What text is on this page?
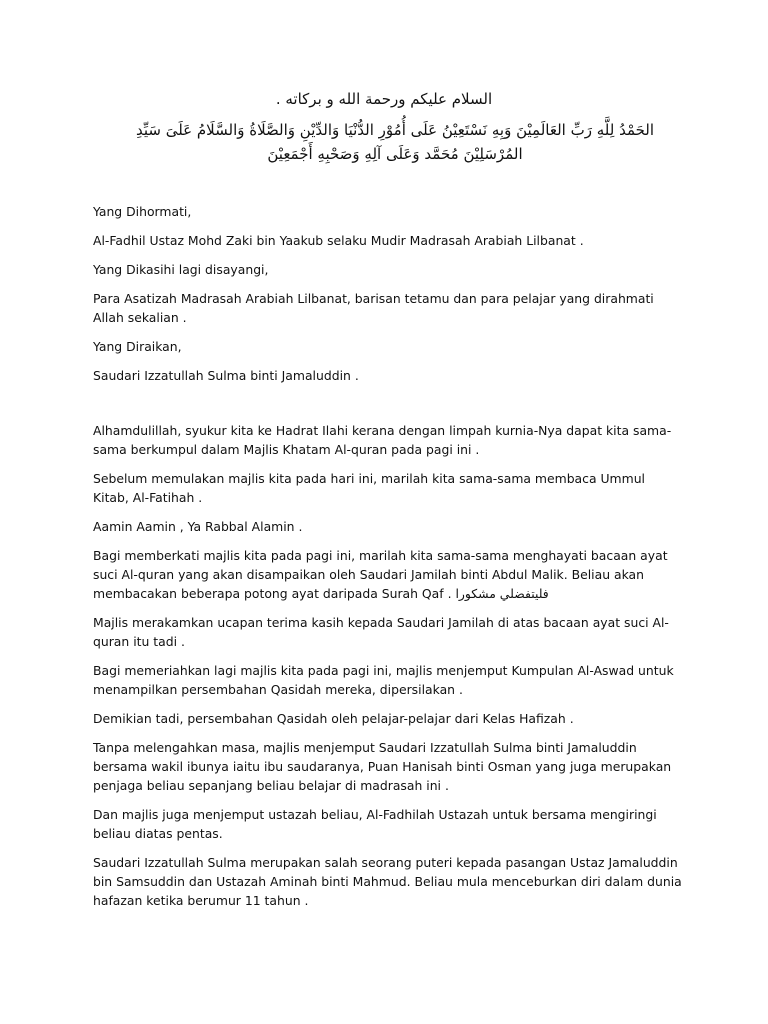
السلام عليكم ورحمة الله و بركاته .
الحَمْدُ لِلَّهِ رَبِّ العَالَمِيْنَ وَبِهِ نَسْتَعِيْنُ عَلَى أُمُوْرِ الدُّنْيَا وَالدِّيْنِ وَالصَّلَاةُ وَالسَّلَامُ عَلَىَ سَيِّدِ المُرْسَلِيْنَ مُحَمَّد وَعَلَى آلِهِ وَصَحْبِهِ أَجْمَعِيْنَ

Yang Dihormati,

Al-Fadhil Ustaz Mohd Zaki bin Yaakub selaku Mudir Madrasah Arabiah Lilbanat .

Yang Dikasihi lagi disayangi,

Para Asatizah Madrasah Arabiah Lilbanat, barisan tetamu dan para pelajar yang dirahmati Allah sekalian .

Yang Diraikan,

Saudari Izzatullah Sulma binti Jamaluddin .

Alhamdulillah, syukur kita ke Hadrat Ilahi kerana dengan limpah kurnia-Nya dapat kita sama-sama berkumpul dalam Majlis Khatam Al-quran pada pagi ini .

Sebelum memulakan majlis kita pada hari ini, marilah kita sama-sama membaca Ummul Kitab, Al-Fatihah .

Aamin Aamin , Ya Rabbal Alamin .

Bagi memberkati majlis kita pada pagi ini, marilah kita sama-sama menghayati bacaan ayat suci Al-quran yang akan disampaikan oleh Saudari Jamilah binti Abdul Malik. Beliau akan membacakan beberapa potong ayat daripada Surah Qaf . فليتفضلي مشكورا

Majlis merakamkan ucapan terima kasih kepada Saudari Jamilah di atas bacaan ayat suci Al-quran itu tadi .

Bagi memeriahkan lagi majlis kita pada pagi ini, majlis menjemput Kumpulan Al-Aswad untuk menampilkan persembahan Qasidah mereka, dipersilakan .

Demikian tadi, persembahan Qasidah oleh pelajar-pelajar dari Kelas Hafizah .

Tanpa melengahkan masa, majlis menjemput Saudari Izzatullah Sulma binti Jamaluddin bersama wakil ibunya iaitu ibu saudaranya, Puan Hanisah binti Osman yang juga merupakan penjaga beliau sepanjang beliau belajar di madrasah ini .

Dan majlis juga menjemput ustazah beliau, Al-Fadhilah Ustazah untuk bersama mengiringi beliau diatas pentas.

Saudari Izzatullah Sulma merupakan salah seorang puteri kepada pasangan Ustaz Jamaluddin bin Samsuddin dan Ustazah Aminah binti Mahmud. Beliau mula menceburkan diri dalam dunia hafazan ketika berumur 11 tahun .
